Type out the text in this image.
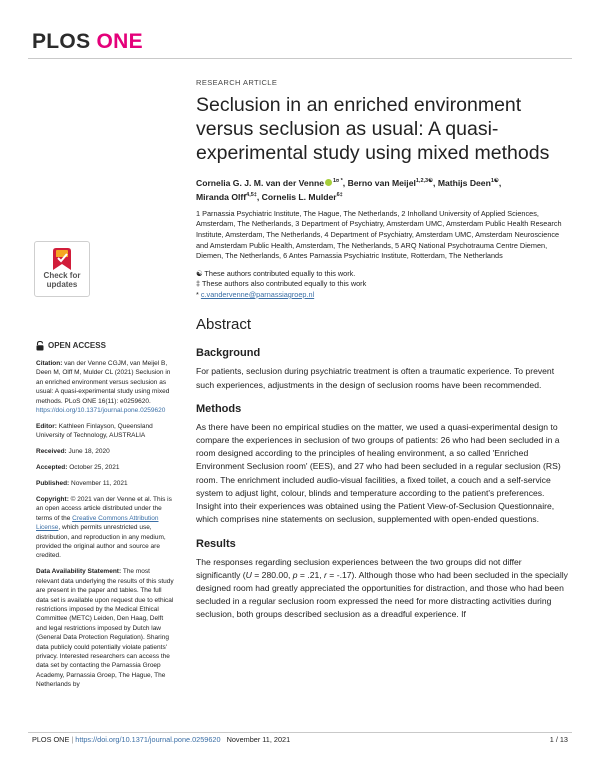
PLOS ONE
Check for
updates

OPEN ACCESS

Citation: van der Venne CGJM, van Meijel B, Deen M, Olff M, Mulder CL (2021) Seclusion in an enriched environment versus seclusion as usual: A quasi-experimental study using mixed methods. PLoS ONE 16(11): e0259620. https://doi.org/10.1371/journal.pone.0259620

Editor: Kathleen Finlayson, Queensland University of Technology, AUSTRALIA

Received: June 18, 2020

Accepted: October 25, 2021

Published: November 11, 2021

Copyright: © 2021 van der Venne et al. This is an open access article distributed under the terms of the Creative Commons Attribution License, which permits unrestricted use, distribution, and reproduction in any medium, provided the original author and source are credited.

Data Availability Statement: The most relevant data underlying the results of this study are present in the paper and tables. The full data set is available upon request due to ethical restrictions imposed by the Medical Ethical Committee (METC) Leiden, Den Haag, Delft and legal restrictions imposed by Dutch law (General Data Protection Regulation). Sharing data publicly could potentially violate patients' privacy. Interested researchers can access the data set by contacting the Parnassia Groep Academy, Parnassia Groep, The Hague, The Netherlands by

RESEARCH ARTICLE
Seclusion in an enriched environment versus seclusion as usual: A quasi-experimental study using mixed methods
Cornelia G. J. M. van der Venne $^{1¤ *}$, Berno van Meijel$^{1,2,3☯}$, Mathijs Deen$^{1☯}$,
Miranda Olff$^{4,5\ddagger}$, Cornelis L. Mulder$^{6\ddagger}$
1 Parnassia Psychiatric Institute, The Hague, The Netherlands, 2 Inholland University of Applied Sciences, Amsterdam, The Netherlands, 3 Department of Psychiatry, Amsterdam UMC, Amsterdam Public Health Research Institute, Amsterdam, The Netherlands, 4 Department of Psychiatry, Amsterdam UMC, Amsterdam Neuroscience and Amsterdam Public Health, Amsterdam, The Netherlands, 5 ARQ National Psychotrauma Centre Diemen, Diemen, The Netherlands, 6 Antes Parnassia Psychiatric Institute, Rotterdam, The Netherlands
☯ These authors contributed equally to this work.
‡ These authors also contributed equally to this work
* c.vandervenne@parnassiagroep.nl
Abstract
Background

For patients, seclusion during psychiatric treatment is often a traumatic experience. To prevent such experiences, adjustments in the design of seclusion rooms have been recommended.

Methods

As there have been no empirical studies on the matter, we used a quasi-experimental design to compare the experiences in seclusion of two groups of patients: 26 who had been secluded in a room designed according to the principles of healing environment, a so called 'Enriched Environment Seclusion room' (EES), and 27 who had been secluded in a regular seclusion (RS) room. The enrichment included audio-visual facilities, a fixed toilet, a couch and a self-service system to adjust light, colour, blinds and temperature according to the patient's preferences. Insight into their experiences was obtained using the Patient View-of-Seclusion Questionnaire, which comprises nine statements on seclusion, supplemented with open-ended questions.

Results

The responses regarding seclusion experiences between the two groups did not differ significantly (U = 280.00, p = .21, r = -.17). Although those who had been secluded in the specially designed room had greatly appreciated the opportunities for distraction, and those who had been secluded in a regular seclusion room expressed the need for more distracting activities during seclusion, both groups described seclusion as a dreadful experience. If

PLOS ONE | https://doi.org/10.1371/journal.pone.0259620 November 11, 2021	1 / 13
